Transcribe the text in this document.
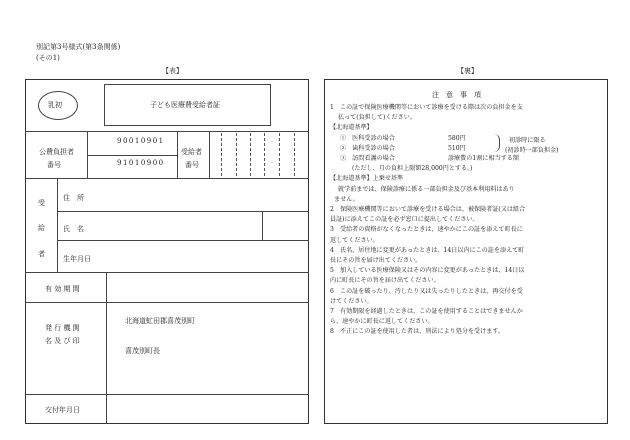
別記第3号様式(第3条関係)
(その1)
【表】	【裏】
乳初	子ども医療費受給者証
公費負担者
番号
90010901
91010900
受給者
番号
受
給
者
住　所
氏　名
生年月日
有 効 期 間
発 行 機 関
名 及 び 印
北海道虻田郡喜茂別町
喜茂別町長
交付年月日
注　意　事　項

1　この証で保険医療機関等において診療を受ける際は次の負担金を支

払って(負担して)ください。

【北海道基準】

①　医科受診の場合	580円

②　歯科受診の場合	510円

③　訪問看護の場合	診療費の1割に相当する額

(ただし、月の負担上限額28,000円とする。)

【北海道基準】上乗せ基準

就学前までは、保険診療に係る一部負担金及び基本利用料はあり

ません。

2　保険医療機関等において診療を受ける場合は、被保険者証(又は組合

員証)に添えてこの証を必ず窓口に提出してください。

3　受給者の資格がなくなったときは、速やかにこの証を添えて町長に

返してください。

4　氏名、居住地に変更があったときは、14日以内にこの証を添えて町

長にその旨を届け出てください。

5　加入している医療保険又はその内容に変更があったときは、14日以

内に町長にその旨を届け出てください。

6　この証を破ったり、汚したり又は失ったりしたときは、再交付を受

けてください。

7　有効期限を経過したときは、この証を使用することはできませんか

ら、速やかに町長に返してください。

8　不正にこの証を使用した者は、刑法により処分を受けます。

初診時に限る
(初診時一部負担金)
